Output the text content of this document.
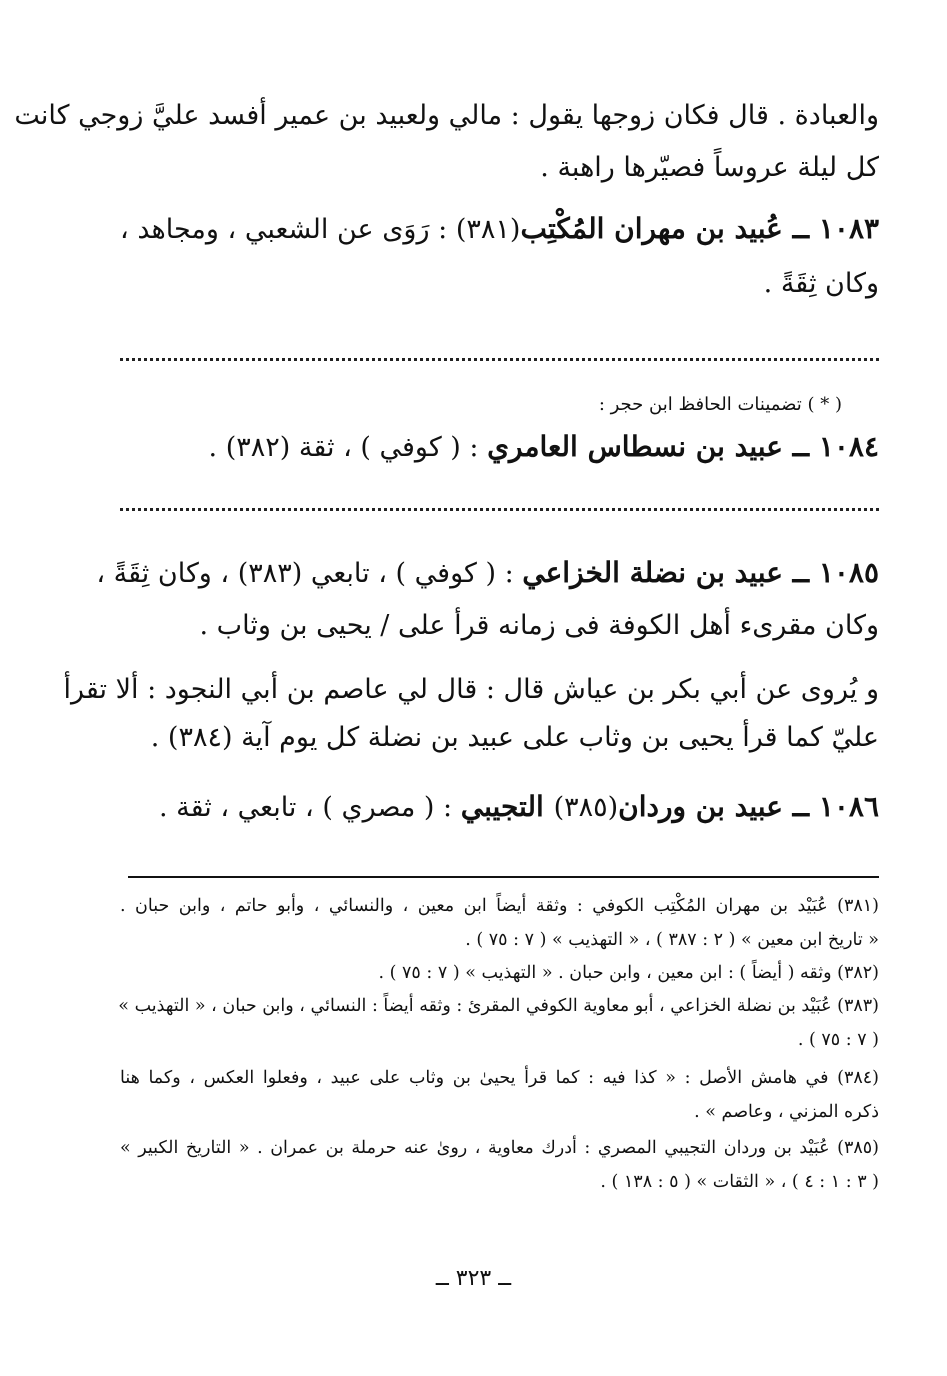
والعبادة . قال فكان زوجها يقول : مالي ولعبيد بن عمير أفسد عليَّ زوجي كانت
كل ليلة عروساً فصيّرها راهبة .
١٠٨٣ ــ عُبيد بن مهران المُكْتِب(٣٨١) : رَوَى عن الشعبي ، ومجاهد ،
وكان ثِقَةً .
( * ) تضمينات الحافظ ابن حجر :
١٠٨٤ ــ عبيد بن نسطاس العامري : ( كوفي ) ، ثقة (٣٨٢) .
١٠٨٥ ــ عبيد بن نضلة الخزاعي : ( كوفي ) ، تابعي (٣٨٣) ، وكان ثِقَةً ،
وكان مقرىء أهل الكوفة فى زمانه قرأ على / يحيى بن وثاب .
و يُروى عن أبي بكر بن عياش قال : قال لي عاصم بن أبي النجود : ألا تقرأ
عليّ كما قرأ يحيى بن وثاب على عبيد بن نضلة كل يوم آية (٣٨٤) .
١٠٨٦ ــ عبيد بن وردان(٣٨٥) التجيبي : ( مصري ) ، تابعي ، ثقة .
(٣٨١) عُبَيْد بن مهران المُكْتِب الكوفي : وثقة أيضاً ابن معين ، والنسائي ، وأبو حاتم ، وابن حبان .
« تاريخ ابن معين » ( ٢ : ٣٨٧ ) ، « التهذيب » ( ٧ : ٧٥ ) .
(٣٨٢) وثقه ( أيضاً ) : ابن معين ، وابن حبان . « التهذيب » ( ٧ : ٧٥ ) .
(٣٨٣) عُبَيْد بن نضلة الخزاعي ، أبو معاوية الكوفي المقرئ : وثقه أيضاً : النسائي ، وابن حبان ، « التهذيب »
( ٧ : ٧٥ ) .
(٣٨٤) في هامش الأصل : « كذا فيه : كما قرأ يحيىٰ بن وثاب على عبيد ، وفعلوا العكس ، وكما هنا
ذكره المزني ، وعاصم » .
(٣٨٥) عُبَيْد بن وردان التجيبي المصري : أدرك معاوية ، روىٰ عنه حرملة بن عمران . « التاريخ الكبير »
( ٣ : ١ : ٤ ) ، « الثقات » ( ٥ : ١٣٨ ) .
ــ ٣٢٣ ــ
